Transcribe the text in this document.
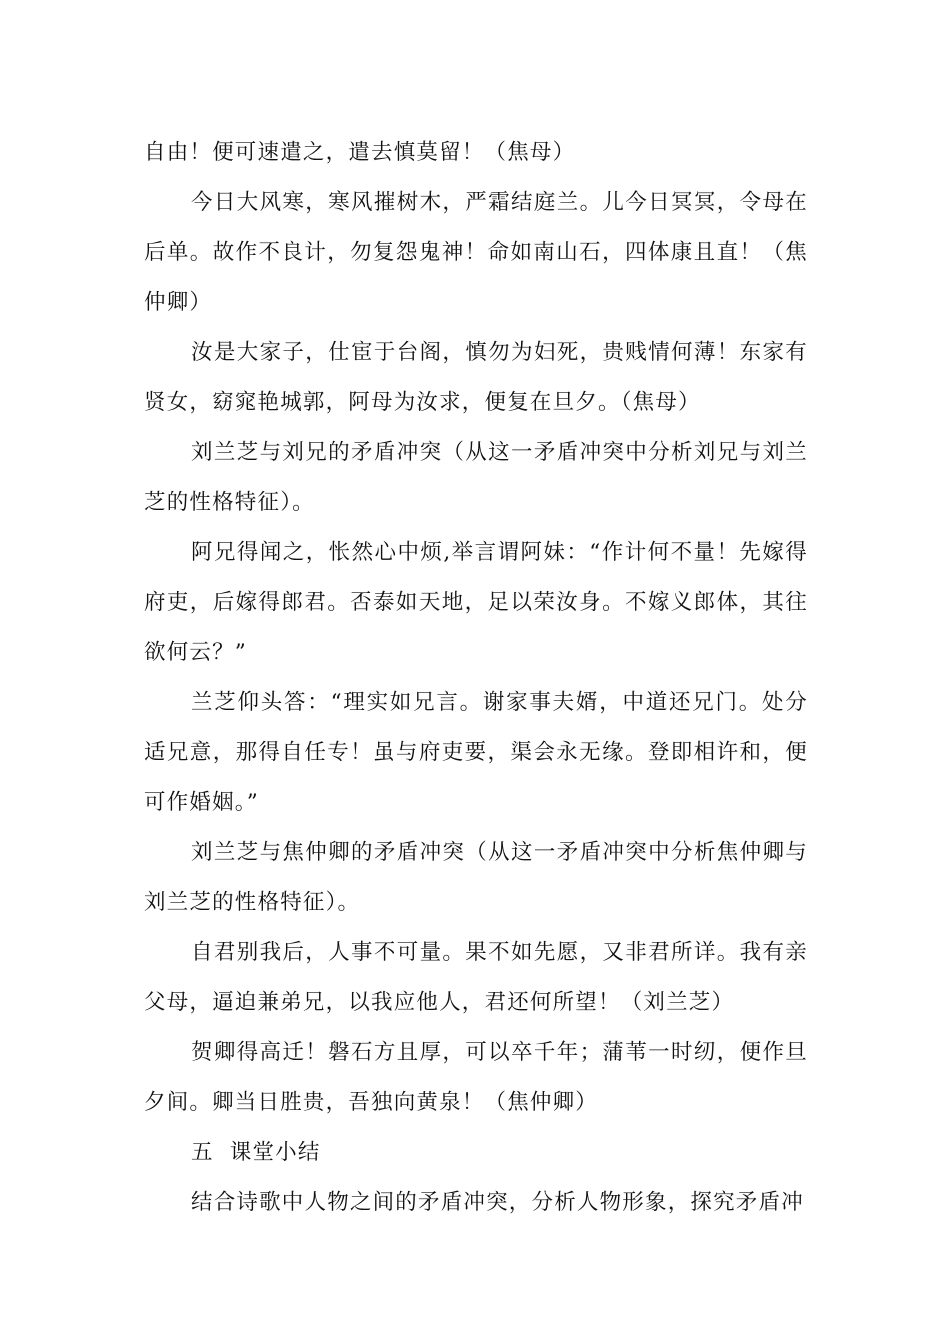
自由！便可速遣之，遣去慎莫留！（焦母）

今日大风寒，寒风摧树木，严霜结庭兰。儿今日冥冥，令母在后单。故作不良计，勿复怨鬼神！命如南山石，四体康且直！（焦仲卿）

汝是大家子，仕宦于台阁，慎勿为妇死，贵贱情何薄！东家有贤女，窈窕艳城郭，阿母为汝求，便复在旦夕。（焦母）

刘兰芝与刘兄的矛盾冲突（从这一矛盾冲突中分析刘兄与刘兰芝的性格特征）。

阿兄得闻之，怅然心中烦,举言谓阿妹：“作计何不量！先嫁得府吏，后嫁得郎君。否泰如天地，足以荣汝身。不嫁义郎体，其往欲何云？”

兰芝仰头答：“理实如兄言。谢家事夫婿，中道还兄门。处分适兄意，那得自任专！虽与府吏要，渠会永无缘。登即相许和，便可作婚姻。”

刘兰芝与焦仲卿的矛盾冲突（从这一矛盾冲突中分析焦仲卿与刘兰芝的性格特征）。

自君别我后，人事不可量。果不如先愿，又非君所详。我有亲父母，逼迫兼弟兄，以我应他人，君还何所望！（刘兰芝）

贺卿得高迁！磐石方且厚，可以卒千年；蒲苇一时纫，便作旦夕间。卿当日胜贵，吾独向黄泉！（焦仲卿）

五  课堂小结

结合诗歌中人物之间的矛盾冲突，分析人物形象，探究矛盾冲
